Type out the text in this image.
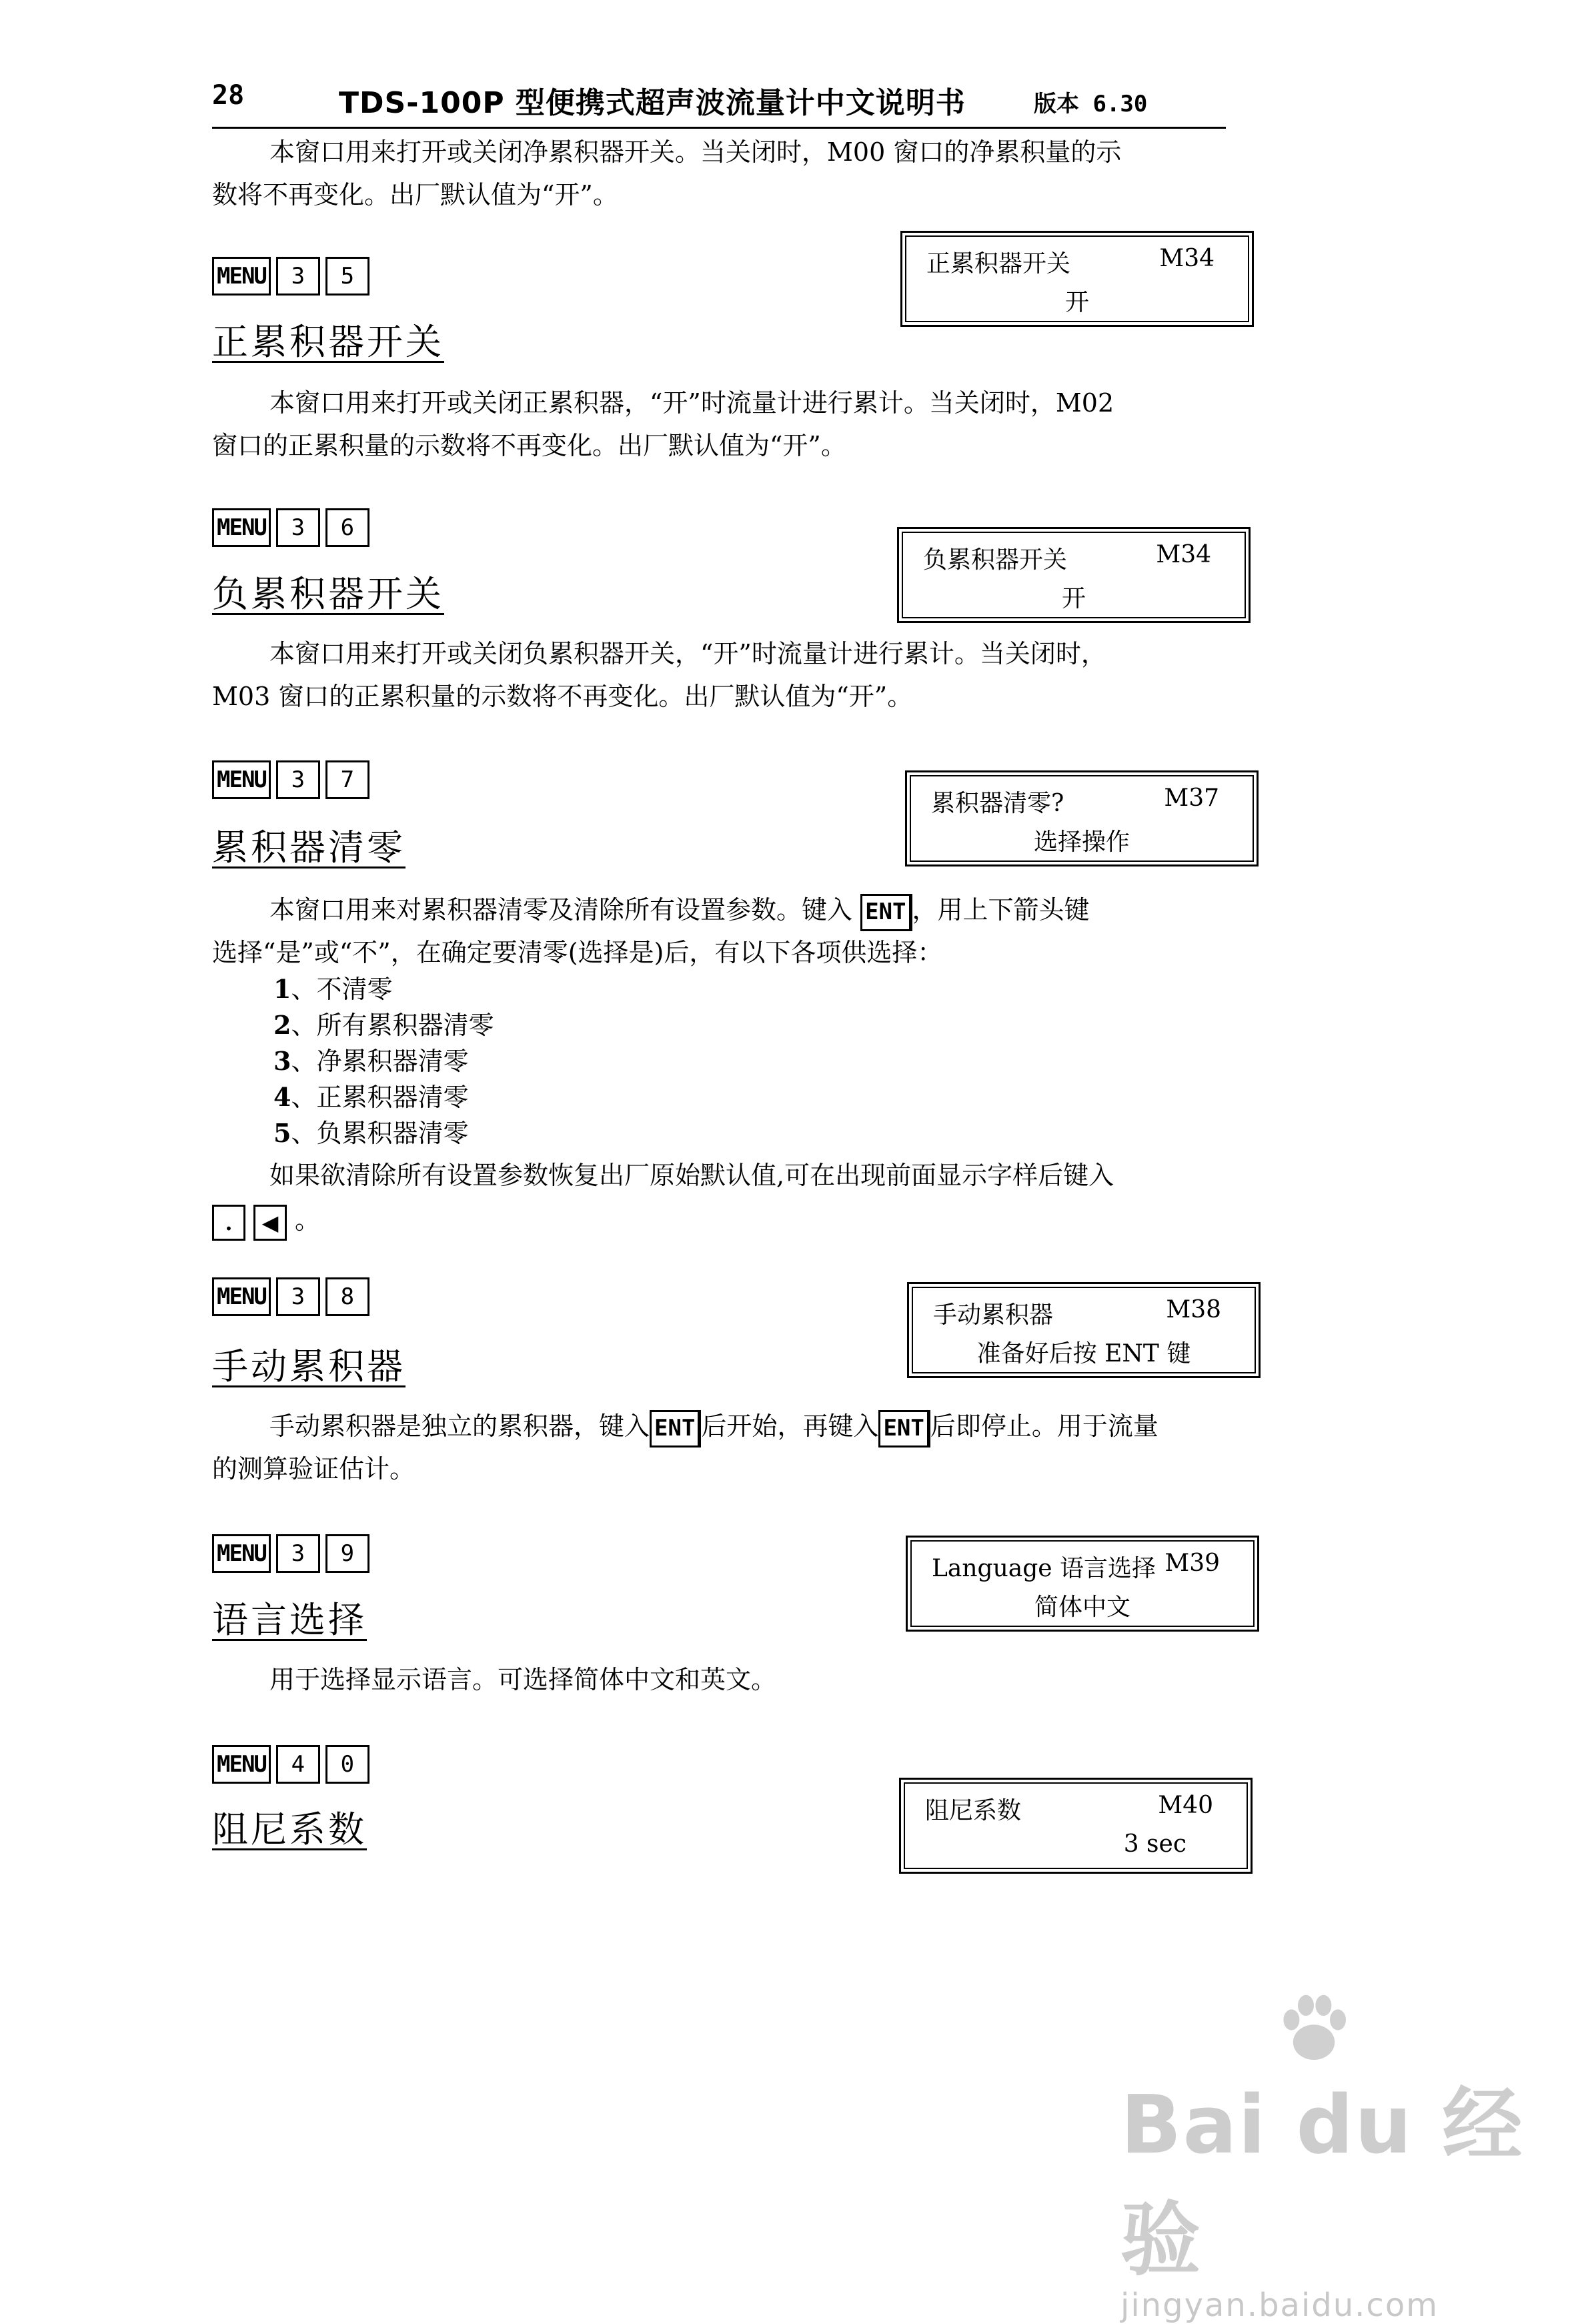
28	TDS-100P 型便携式超声波流量计中文说明书	版本 6.30

本窗口用来打开或关闭净累积器开关。当关闭时，M00 窗口的净累积量的示
数将不再变化。出厂默认值为“开”。

MENU	3	5
正累积器开关
正累积器开关	M34
开

本窗口用来打开或关闭正累积器，“开”时流量计进行累计。当关闭时，M02
窗口的正累积量的示数将不再变化。出厂默认值为“开”。

MENU	3	6
负累积器开关
负累积器开关	M34
开

本窗口用来打开或关闭负累积器开关，“开”时流量计进行累计。当关闭时，
M03 窗口的正累积量的示数将不再变化。出厂默认值为“开”。

MENU	3	7
累积器清零
累积器清零?	M37
选择操作

本窗口用来对累积器清零及清除所有设置参数。键入 ENT ，用上下箭头键
选择“是”或“不”，在确定要清零(选择是)后，有以下各项供选择：

1、不清零
2、所有累积器清零
3、净累积器清零
4、正累积器清零
5、负累积器清零

如果欲清除所有设置参数恢复出厂原始默认值,可在出现前面显示字样后键入

. ◀ 。
MENU	3	8
手动累积器
手动累积器	M38
准备好后按 ENT 键

手动累积器是独立的累积器，键入 ENT 后开始，再键入 ENT 后即停止。用于流量
的测算验证估计。

MENU	3	9
语言选择
Language 语言选择 M39
简体中文

用于选择显示语言。可选择简体中文和英文。

MENU	4	0
阻尼系数	阻尼系数	M40
3 sec
Bai du 经验
jingyan.baidu.com
